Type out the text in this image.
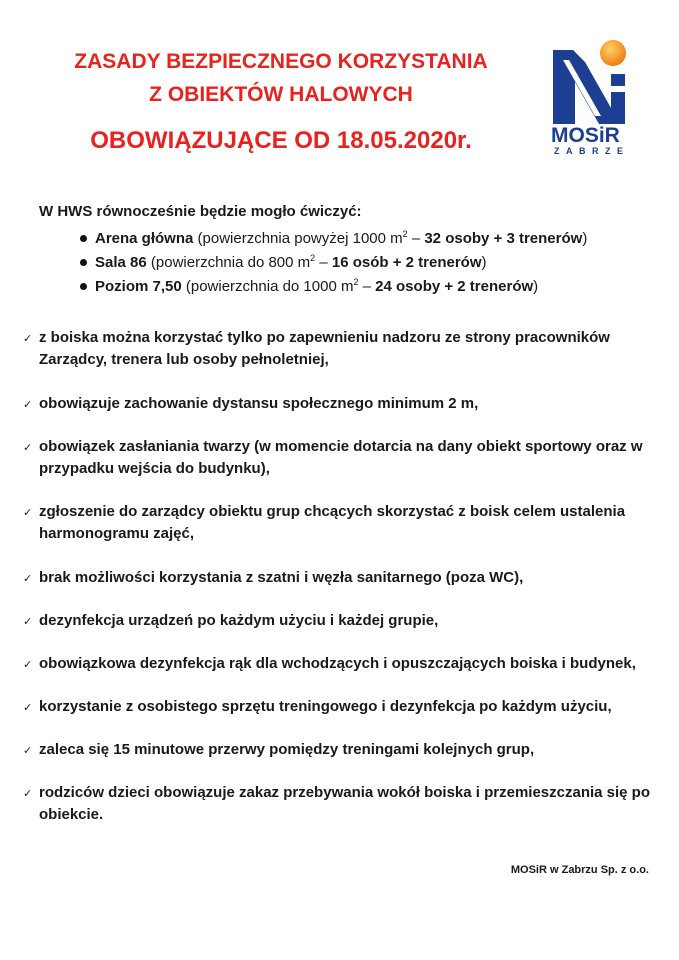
ZASADY BEZPIECZNEGO KORZYSTANIA
Z OBIEKTÓW HALOWYCH
OBOWIĄZUJĄCE OD 18.05.2020r.	MOSiR
ZABRZE
W HWS równocześnie będzie mogło ćwiczyć:
Arena główna (powierzchnia powyżej 1000 $m^2 - 32$ osoby + 3 trenerów)
Sala 86 (powierzchnia do 800 $m^2 - 16$ osób + 2 trenerów)
Poziom 7,50 (powierzchnia do 1000 $m^2 - 24$ osoby + 2 trenerów)
✓ z boiska można korzystać tylko po zapewnieniu nadzoru ze strony pracowników Zarządcy, trenera lub osoby pełnoletniej,
✓ obowiązuje zachowanie dystansu społecznego minimum 2 m,
✓ obowiązek zasłaniania twarzy (w momencie dotarcia na dany obiekt sportowy oraz w przypadku wejścia do budynku),
✓ zgłoszenie do zarządcy obiektu grup chcących skorzystać z boisk celem ustalenia harmonogramu zajęć,
✓ brak możliwości korzystania z szatni i węzła sanitarnego (poza WC),
✓ dezynfekcja urządzeń po każdym użyciu i każdej grupie,
✓ obowiązkowa dezynfekcja rąk dla wchodzących i opuszczających boiska i budynek,
✓ korzystanie z osobistego sprzętu treningowego i dezynfekcja po każdym użyciu,
✓ zaleca się 15 minutowe przerwy pomiędzy treningami kolejnych grup,
✓ rodziców dzieci obowiązuje zakaz przebywania wokół boiska i przemieszczania się po obiekcie.
MOSiR w Zabrzu Sp. z o.o.
